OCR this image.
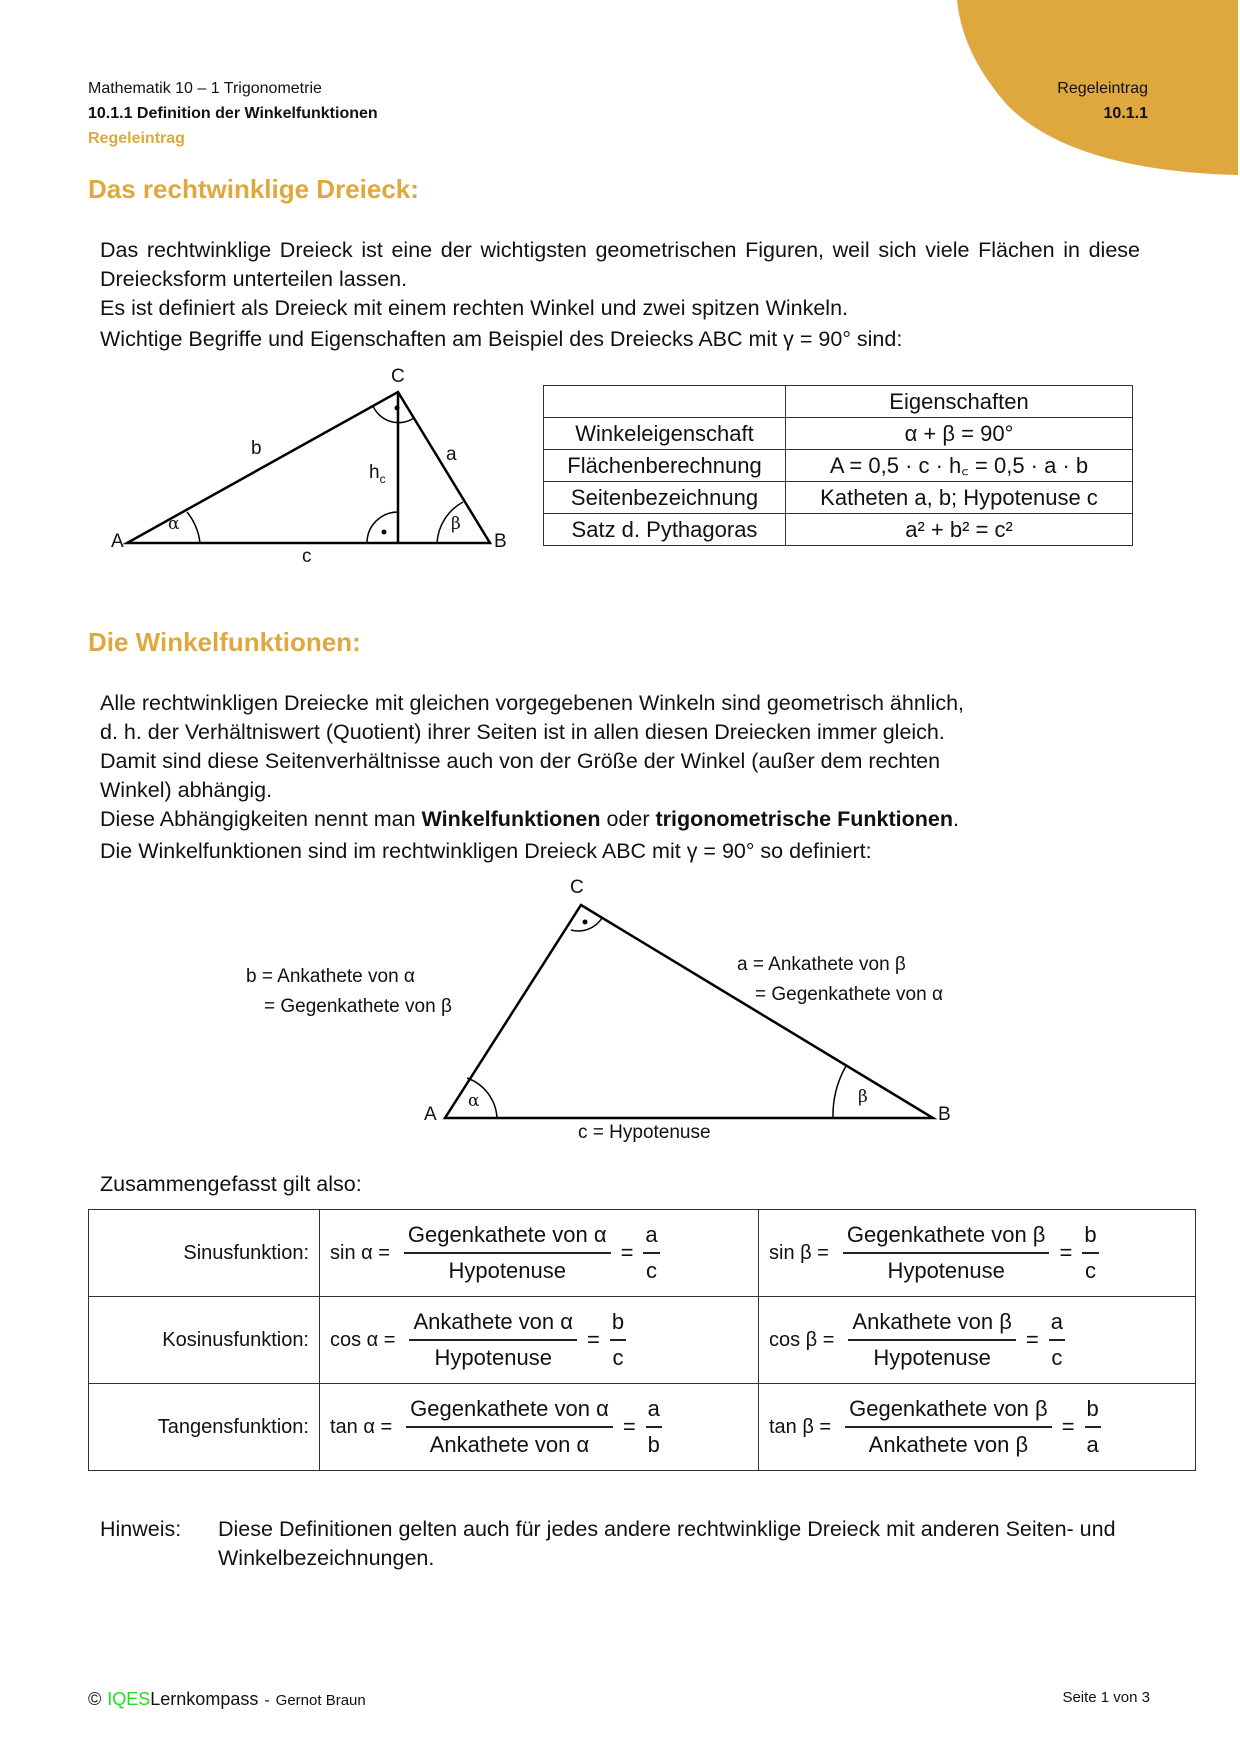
Mathematik 10 – 1 Trigonometrie
10.1.1 Definition der Winkelfunktionen
Regeleintrag
Regeleintrag
10.1.1
Das rechtwinklige Dreieck:
Das rechtwinklige Dreieck ist eine der wichtigsten geometrischen Figuren, weil sich viele Flächen in diese Dreiecksform unterteilen lassen.
Es ist definiert als Dreieck mit einem rechten Winkel und zwei spitzen Winkeln.
Wichtige Begriffe und Eigenschaften am Beispiel des Dreiecks ABC mit γ = 90° sind:
A	B
C
b	a
c
$h_c$
α	β
	Eigenschaften
Winkeleigenschaft	α + β = 90°
Flächenberechnung	A = 0,5 · c · h꜀ = 0,5 · a · b
Seitenbezeichnung	Katheten a, b; Hypotenuse c
Satz d. Pythagoras	a² + b² = c²
Die Winkelfunktionen:
Alle rechtwinkligen Dreiecke mit gleichen vorgegebenen Winkeln sind geometrisch ähnlich,
d. h. der Verhältniswert (Quotient) ihrer Seiten ist in allen diesen Dreiecken immer gleich.
Damit sind diese Seitenverhältnisse auch von der Größe der Winkel (außer dem rechten
Winkel) abhängig.
Diese Abhängigkeiten nennt man Winkelfunktionen oder trigonometrische Funktionen.
Die Winkelfunktionen sind im rechtwinkligen Dreieck ABC mit γ = 90° so definiert:
A	B
C
α	β
b = Ankathete von α
= Gegenkathete von β
a = Ankathete von β
= Gegenkathete von α
c = Hypotenuse
Zusammengefasst gilt also:
Sinusfunktion:	$\sin \alpha = \frac{\text{Gegenkathete von α}}{\text{Hypotenuse}} = \frac{a}{c}$	$\sin \beta = \frac{\text{Gegenkathete von β}}{\text{Hypotenuse}} = \frac{b}{c}$

Kosinusfunktion:	$\cos \alpha = \frac{\text{Ankathete von α}}{\text{Hypotenuse}} = \frac{b}{c}$	$\cos \beta = \frac{\text{Ankathete von β}}{\text{Hypotenuse}} = \frac{a}{c}$

Tangensfunktion:	$\tan \alpha = \frac{\text{Gegenkathete von α}}{\text{Ankathete von α}} = \frac{a}{b}$	$\tan \beta = \frac{\text{Gegenkathete von β}}{\text{Ankathete von β}} = \frac{b}{a}$
Hinweis: Diese Definitionen gelten auch für jedes andere rechtwinklige Dreieck mit anderen Seiten- und Winkelbezeichnungen.
© IQES Lernkompass - Gernot Braun	Seite 1 von 3
